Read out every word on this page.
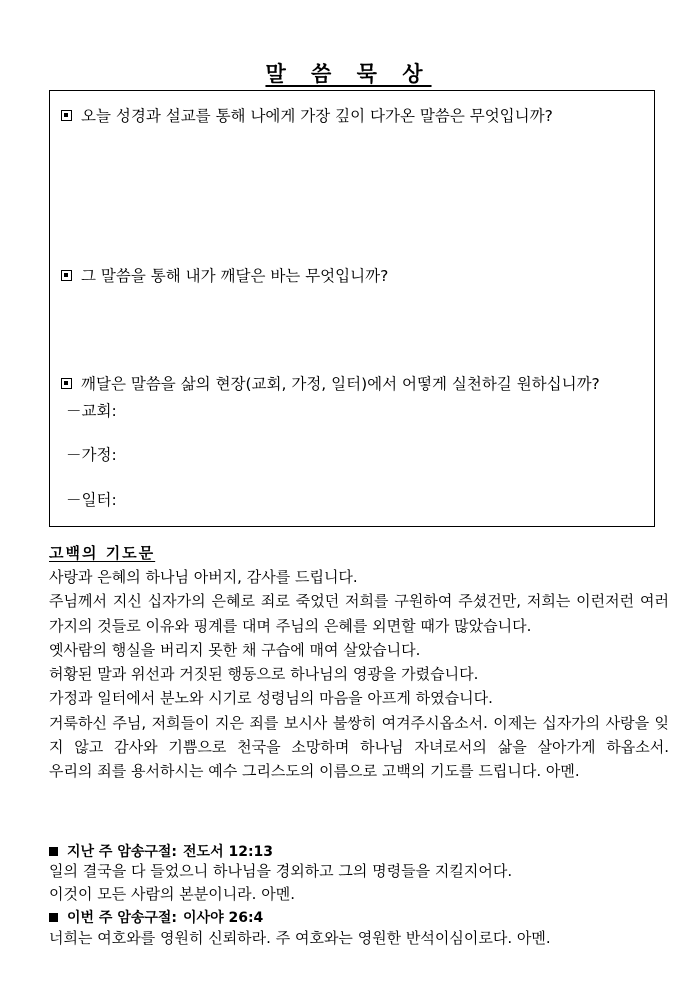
말 씀 묵 상
오늘 성경과 설교를 통해 나에게 가장 깊이 다가온 말씀은 무엇입니까?
그 말씀을 통해 내가 깨달은 바는 무엇입니까?
깨달은 말씀을 삶의 현장(교회, 가정, 일터)에서 어떻게 실천하길 원하십니까?
－교회:
－가정:
－일터:
고백의 기도문
사랑과 은혜의 하나님 아버지, 감사를 드립니다.
주님께서 지신 십자가의 은혜로 죄로 죽었던 저희를 구원하여 주셨건만, 저희는 이런저런 여러
가지의 것들로 이유와 핑계를 대며 주님의 은혜를 외면할 때가 많았습니다.
옛사람의 행실을 버리지 못한 채 구습에 매여 살았습니다.
허황된 말과 위선과 거짓된 행동으로 하나님의 영광을 가렸습니다.
가정과 일터에서 분노와 시기로 성령님의 마음을 아프게 하였습니다.
거룩하신 주님, 저희들이 지은 죄를 보시사 불쌍히 여겨주시옵소서. 이제는 십자가의 사랑을 잊
지 않고 감사와 기쁨으로 천국을 소망하며 하나님 자녀로서의 삶을 살아가게 하옵소서.
우리의 죄를 용서하시는 예수 그리스도의 이름으로 고백의 기도를 드립니다. 아멘.
지난 주 암송구절: 전도서 12:13
일의 결국을 다 들었으니 하나님을 경외하고 그의 명령들을 지킬지어다.
이것이 모든 사람의 본분이니라. 아멘.
이번 주 암송구절: 이사야 26:4
너희는 여호와를 영원히 신뢰하라. 주 여호와는 영원한 반석이심이로다. 아멘.
